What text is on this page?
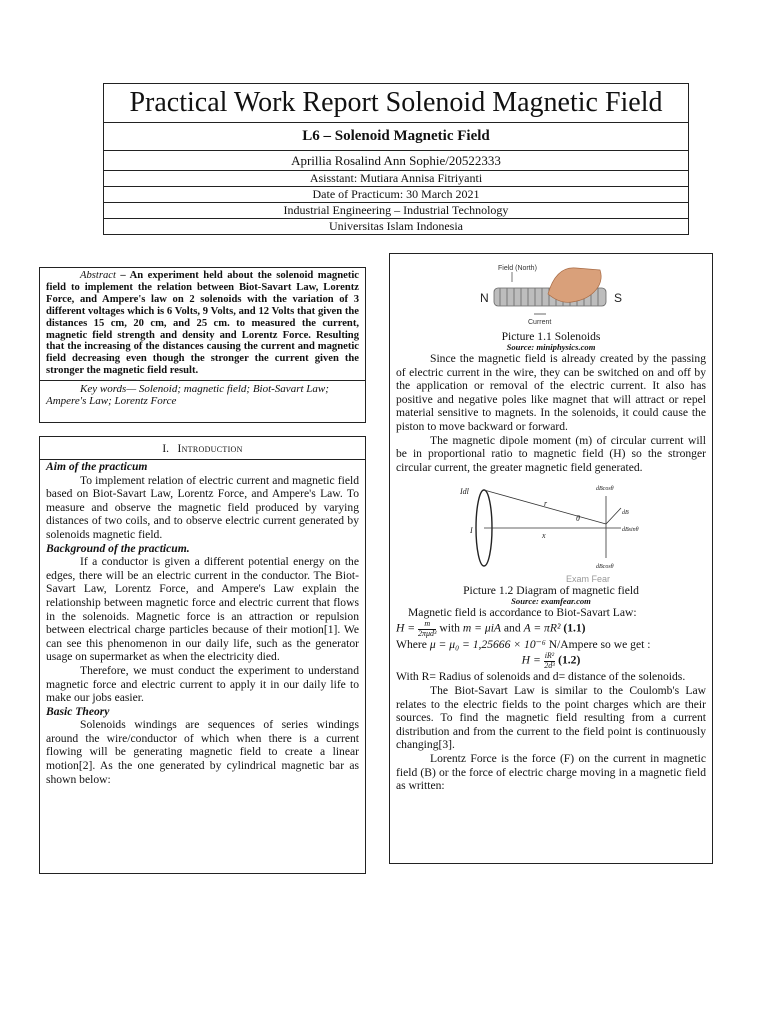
Practical Work Report Solenoid Magnetic Field
L6 – Solenoid Magnetic Field
Aprillia Rosalind Ann Sophie/20522333
Asisstant: Mutiara Annisa Fitriyanti
Date of Practicum: 30 March 2021
Industrial Engineering – Industrial Technology
Universitas Islam Indonesia

Abstract – An experiment held about the solenoid magnetic field to implement the relation between Biot-Savart Law, Lorentz Force, and Ampere's law on 2 solenoids with the variation of 3 different voltages which is 6 Volts, 9 Volts, and 12 Volts that given the distances 15 cm, 20 cm, and 25 cm. to measured the current, magnetic field strength and density and Lorentz Force. Resulting that the increasing of the distances causing the current and magnetic field decreasing even though the stronger the current given the stronger the magnetic field result.

Key words— Solenoid; magnetic field; Biot-Savart Law; Ampere's Law; Lorentz Force

I. Introduction
Aim of the practicum

To implement relation of electric current and magnetic field based on Biot-Savart Law, Lorentz Force, and Ampere's Law. To measure and observe the magnetic field produced by varying distances of two coils, and to observe electric current generated by solenoids magnetic field.

Background of the practicum.

If a conductor is given a different potential energy on the edges, there will be an electric current in the conductor. The Biot-Savart Law, Lorentz Force, and Ampere's Law explain the relationship between magnetic force and electric current that flows in the solenoids. Magnetic force is an attraction or repulsion between electrical charge particles because of their motion[1]. We can see this phenomenon in our daily life, such as the generator usage on supermarket as when the electricity died.

Therefore, we must conduct the experiment to understand magnetic force and electric current to apply it in our daily life to make our jobs easier.

Basic Theory

Solenoids windings are sequences of series windings around the wire/conductor of which when there is a current flowing will be generating magnetic field to create a linear motion[2]. As the one generated by cylindrical magnetic bar as shown below:

Field (North)
N	S
Current
Picture 1.1 Solenoids
Source: miniphysics.com

Since the magnetic field is already created by the passing of electric current in the wire, they can be switched on and off by the application or removal of the electric current. It also has positive and negative poles like magnet that will attract or repel material sensitive to magnets. In the solenoids, it could cause the piston to move backward or forward.

The magnetic dipole moment (m) of circular current will be in proportional ratio to magnetic field (H) so the stronger circular current, the greater magnetic field generated.

Idl
I
r
x
θ
dBcosθ
dB
dBsinθ
dBcosθ
Exam Fear
Picture 1.2 Diagram of magnetic field
Source: examfear.com

Magnetic field is accordance to Biot-Savart Law:

$H = \frac{m}{\text{2πμd³}}$ with m = μiA and A = πR² (1.1)

Where μ = μ₀ = 1,25666 × 10⁻⁶ N/Ampere so we get :

$H = \frac{\text{iR²}}{\text{2d³}} (1.2)$

With R= Radius of solenoids and d= distance of the solenoids.

The Biot-Savart Law is similar to the Coulomb's Law relates to the electric fields to the point charges which are their sources. To find the magnetic field resulting from a current distribution and from the current to the field point is continuously changing[3].

Lorentz Force is the force (F) on the current in magnetic field (B) or the force of electric charge moving in a magnetic field as written:
